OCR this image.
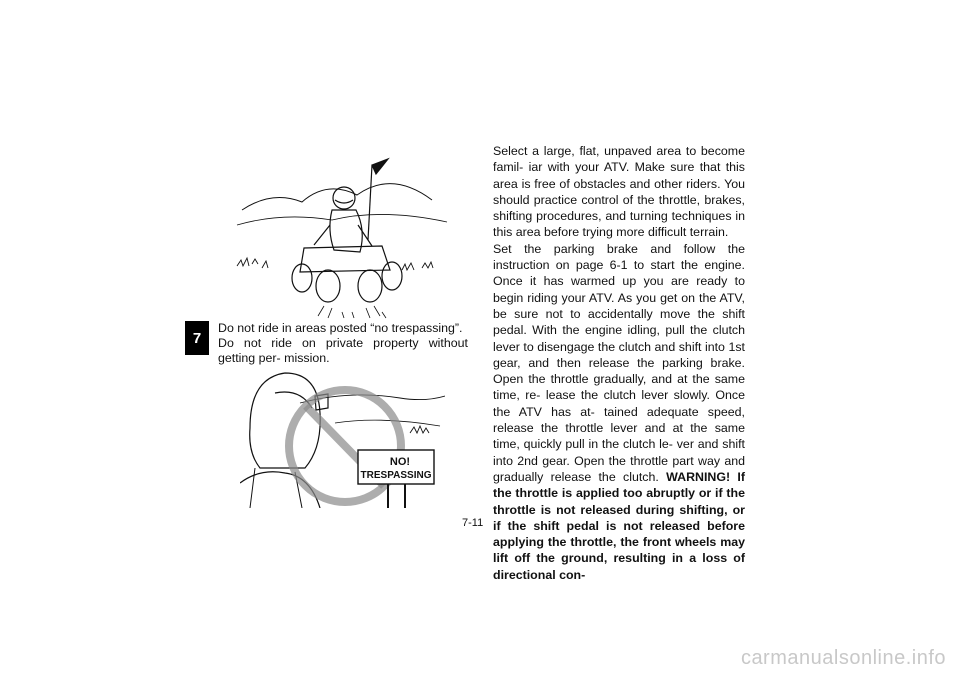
7

Do not ride in areas posted “no trespassing”.

Do not ride on private property without getting per- mission.

NO!
TRESPASSING

Select a large, flat, unpaved area to become famil- iar with your ATV. Make sure that this area is free of obstacles and other riders. You should practice control of the throttle, brakes, shifting procedures, and turning techniques in this area before trying more difficult terrain.

Set the parking brake and follow the instruction on page 6-1 to start the engine. Once it has warmed up you are ready to begin riding your ATV. As you get on the ATV, be sure not to accidentally move the shift pedal. With the engine idling, pull the clutch lever to disengage the clutch and shift into 1st gear, and then release the parking brake. Open the throttle gradually, and at the same time, re- lease the clutch lever slowly. Once the ATV has at- tained adequate speed, release the throttle lever and at the same time, quickly pull in the clutch le- ver and shift into 2nd gear. Open the throttle part way and gradually release the clutch. WARNING! If the throttle is applied too abruptly or if the throttle is not released during shifting, or if the shift pedal is not released before applying the throttle, the front wheels may lift off the ground, resulting in a loss of directional con-

7-11
carmanualsonline.info
